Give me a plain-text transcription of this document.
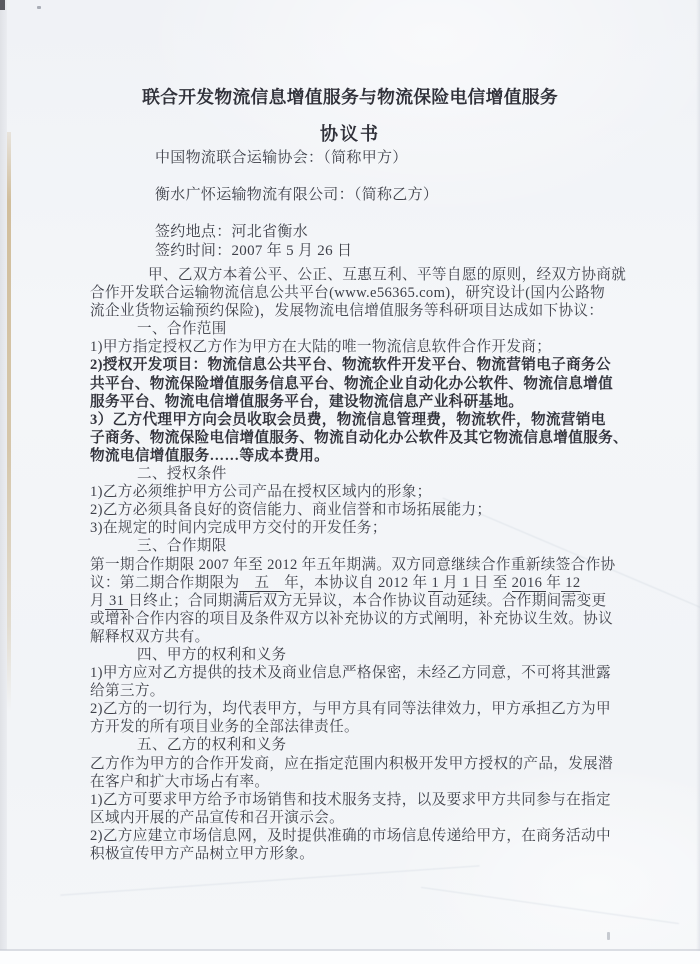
联合开发物流信息增值服务与物流保险电信增值服务
协议书
中国物流联合运输协会：（简称甲方）
衡水广怀运输物流有限公司：（简称乙方）
签约地点：河北省衡水
签约时间：2007 年 5 月 26 日
甲、乙双方本着公平、公正、互惠互利、平等自愿的原则，经双方协商就
合作开发联合运输物流信息公共平台(www.e56365.com)，研究设计(国内公路物
流企业货物运输预约保险)，发展物流电信增值服务等科研项目达成如下协议：
一、合作范围
1)甲方指定授权乙方作为甲方在大陆的唯一物流信息软件合作开发商；
2)授权开发项目：物流信息公共平台、物流软件开发平台、物流营销电子商务公
共平台、物流保险增值服务信息平台、物流企业自动化办公软件、物流信息增值
服务平台、物流电信增值服务平台，建设物流信息产业科研基地。
3）乙方代理甲方向会员收取会员费，物流信息管理费，物流软件，物流营销电
子商务、物流保险电信增值服务、物流自动化办公软件及其它物流信息增值服务、
物流电信增值服务……等成本费用。
二、授权条件
1)乙方必须维护甲方公司产品在授权区域内的形象；
2)乙方必须具备良好的资信能力、商业信誉和市场拓展能力；
3)在规定的时间内完成甲方交付的开发任务；
三、合作期限
第一期合作期限 2007 年至 2012 年五年期满。双方同意继续合作重新续签合作协
议：第二期合作期限为　五　年，本协议自 2012 年 1 月 1 日 至 2016 年 12
月 31 日终止；合同期满后双方无异议，本合作协议自动延续。合作期间需变更
或增补合作内容的项目及条件双方以补充协议的方式阐明，补充协议生效。协议
解释权双方共有。
四、甲方的权利和义务
1)甲方应对乙方提供的技术及商业信息严格保密，未经乙方同意，不可将其泄露
给第三方。
2)乙方的一切行为，均代表甲方，与甲方具有同等法律效力，甲方承担乙方为甲
方开发的所有项目业务的全部法律责任。
五、乙方的权利和义务
乙方作为甲方的合作开发商，应在指定范围内积极开发甲方授权的产品，发展潜
在客户和扩大市场占有率。
1)乙方可要求甲方给予市场销售和技术服务支持，以及要求甲方共同参与在指定
区域内开展的产品宣传和召开演示会。
2)乙方应建立市场信息网，及时提供准确的市场信息传递给甲方，在商务活动中
积极宣传甲方产品树立甲方形象。
